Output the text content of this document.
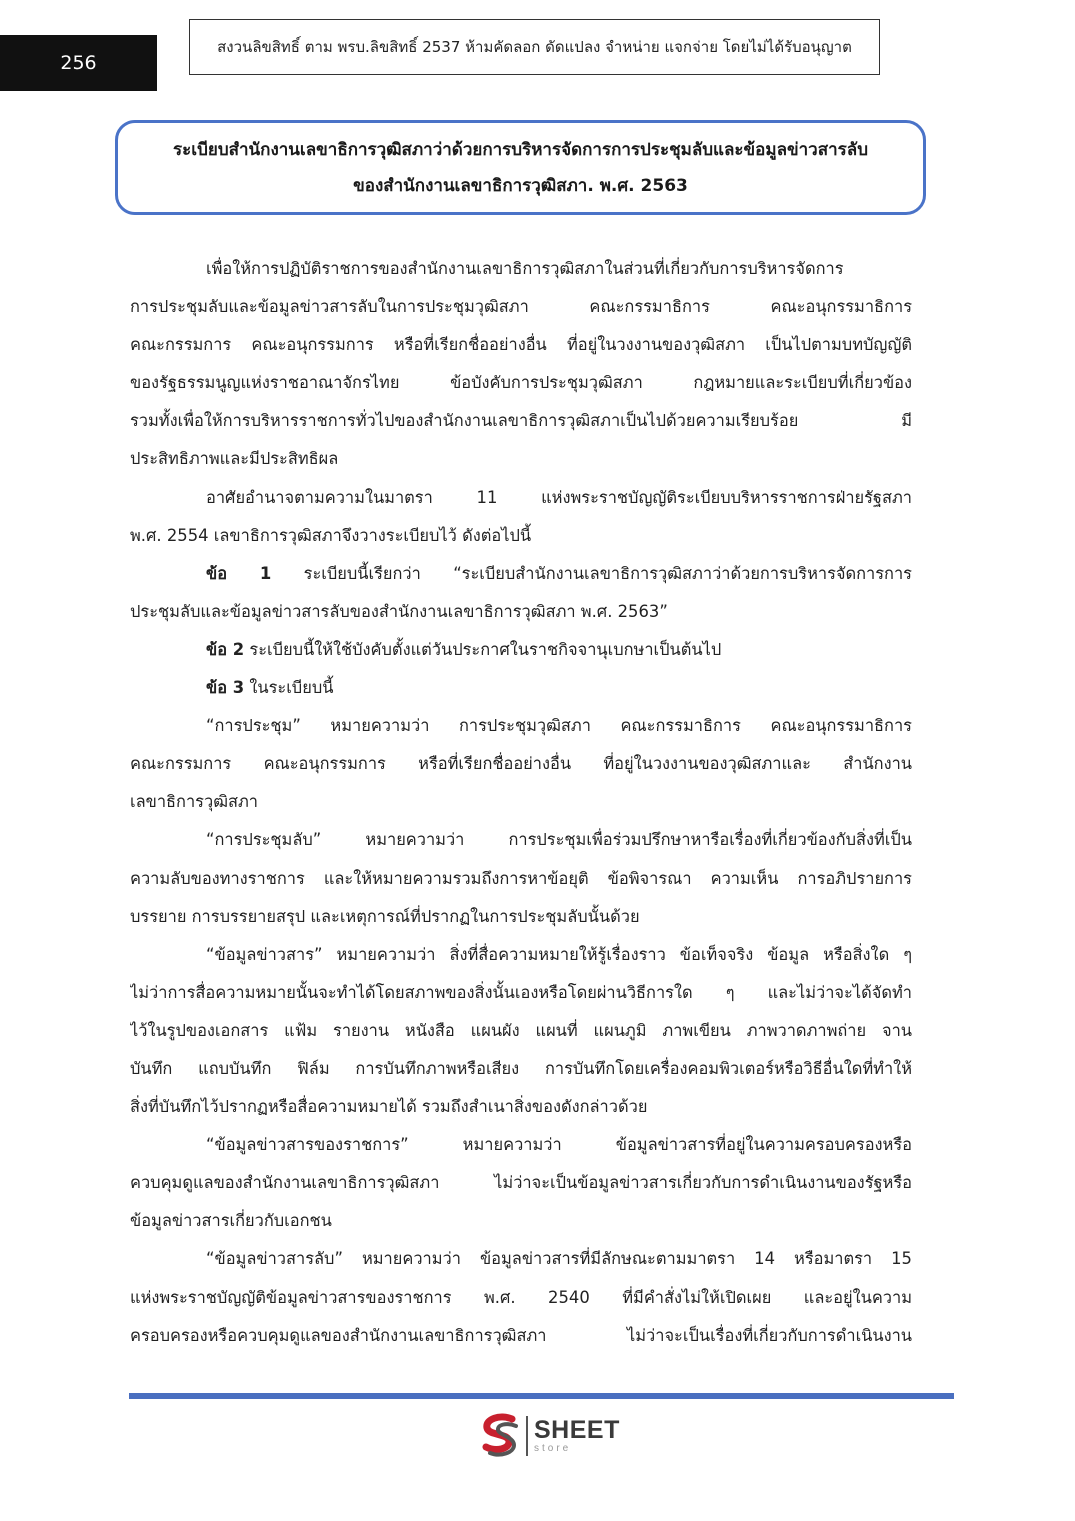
256
สงวนลิขสิทธิ์ ตาม พรบ.ลิขสิทธิ์ 2537 ห้ามคัดลอก ดัดแปลง จำหน่าย แจกจ่าย โดยไม่ได้รับอนุญาต
ระเบียบสำนักงานเลขาธิการวุฒิสภาว่าด้วยการบริหารจัดการการประชุมลับและข้อมูลข่าวสารลับ
ของสำนักงานเลขาธิการวุฒิสภา. พ.ศ. 2563
เพื่อให้การปฏิบัติราชการของสำนักงานเลขาธิการวุฒิสภาในส่วนที่เกี่ยวกับการบริหารจัดการ
การประชุมลับและข้อมูลข่าวสารลับในการประชุมวุฒิสภา คณะกรรมาธิการ คณะอนุกรรมาธิการ
คณะกรรมการ คณะอนุกรรมการ หรือที่เรียกชื่ออย่างอื่น ที่อยู่ในวงงานของวุฒิสภา เป็นไปตามบทบัญญัติ
ของรัฐธรรมนูญแห่งราชอาณาจักรไทย ข้อบังคับการประชุมวุฒิสภา กฎหมายและระเบียบที่เกี่ยวข้อง
รวมทั้งเพื่อให้การบริหารราชการทั่วไปของสำนักงานเลขาธิการวุฒิสภาเป็นไปด้วยความเรียบร้อย มี
ประสิทธิภาพและมีประสิทธิผล
อาศัยอำนาจตามความในมาตรา 11 แห่งพระราชบัญญัติระเบียบบริหารราชการฝ่ายรัฐสภา
พ.ศ. 2554 เลขาธิการวุฒิสภาจึงวางระเบียบไว้ ดังต่อไปนี้
ข้อ 1 ระเบียบนี้เรียกว่า “ระเบียบสำนักงานเลขาธิการวุฒิสภาว่าด้วยการบริหารจัดการการ
ประชุมลับและข้อมูลข่าวสารลับของสำนักงานเลขาธิการวุฒิสภา พ.ศ. 2563”
ข้อ 2 ระเบียบนี้ให้ใช้บังคับตั้งแต่วันประกาศในราชกิจจานุเบกษาเป็นต้นไป
ข้อ 3 ในระเบียบนี้
“การประชุม” หมายความว่า การประชุมวุฒิสภา คณะกรรมาธิการ คณะอนุกรรมาธิการ
คณะกรรมการ คณะอนุกรรมการ หรือที่เรียกชื่ออย่างอื่น ที่อยู่ในวงงานของวุฒิสภาและ สำนักงาน
เลขาธิการวุฒิสภา
“การประชุมลับ” หมายความว่า การประชุมเพื่อร่วมปรึกษาหารือเรื่องที่เกี่ยวข้องกับสิ่งที่เป็น
ความลับของทางราชการ และให้หมายความรวมถึงการหาข้อยุติ ข้อพิจารณา ความเห็น การอภิปรายการ
บรรยาย การบรรยายสรุป และเหตุการณ์ที่ปรากฏในการประชุมลับนั้นด้วย
“ข้อมูลข่าวสาร” หมายความว่า สิ่งที่สื่อความหมายให้รู้เรื่องราว ข้อเท็จจริง ข้อมูล หรือสิ่งใด ๆ
ไม่ว่าการสื่อความหมายนั้นจะทำได้โดยสภาพของสิ่งนั้นเองหรือโดยผ่านวิธีการใด ๆ และไม่ว่าจะได้จัดทำ
ไว้ในรูปของเอกสาร แฟ้ม รายงาน หนังสือ แผนผัง แผนที่ แผนภูมิ ภาพเขียน ภาพวาดภาพถ่าย จาน
บันทึก แถบบันทึก ฟิล์ม การบันทึกภาพหรือเสียง การบันทึกโดยเครื่องคอมพิวเตอร์หรือวิธีอื่นใดที่ทำให้
สิ่งที่บันทึกไว้ปรากฏหรือสื่อความหมายได้ รวมถึงสำเนาสิ่งของดังกล่าวด้วย
“ข้อมูลข่าวสารของราชการ” หมายความว่า ข้อมูลข่าวสารที่อยู่ในความครอบครองหรือ
ควบคุมดูแลของสำนักงานเลขาธิการวุฒิสภา ไม่ว่าจะเป็นข้อมูลข่าวสารเกี่ยวกับการดำเนินงานของรัฐหรือ
ข้อมูลข่าวสารเกี่ยวกับเอกชน
“ข้อมูลข่าวสารลับ” หมายความว่า ข้อมูลข่าวสารที่มีลักษณะตามมาตรา 14 หรือมาตรา 15
แห่งพระราชบัญญัติข้อมูลข่าวสารของราชการ พ.ศ. 2540 ที่มีคำสั่งไม่ให้เปิดเผย และอยู่ในความ
ครอบครองหรือควบคุมดูแลของสำนักงานเลขาธิการวุฒิสภา ไม่ว่าจะเป็นเรื่องที่เกี่ยวกับการดำเนินงาน
SHEET
store
